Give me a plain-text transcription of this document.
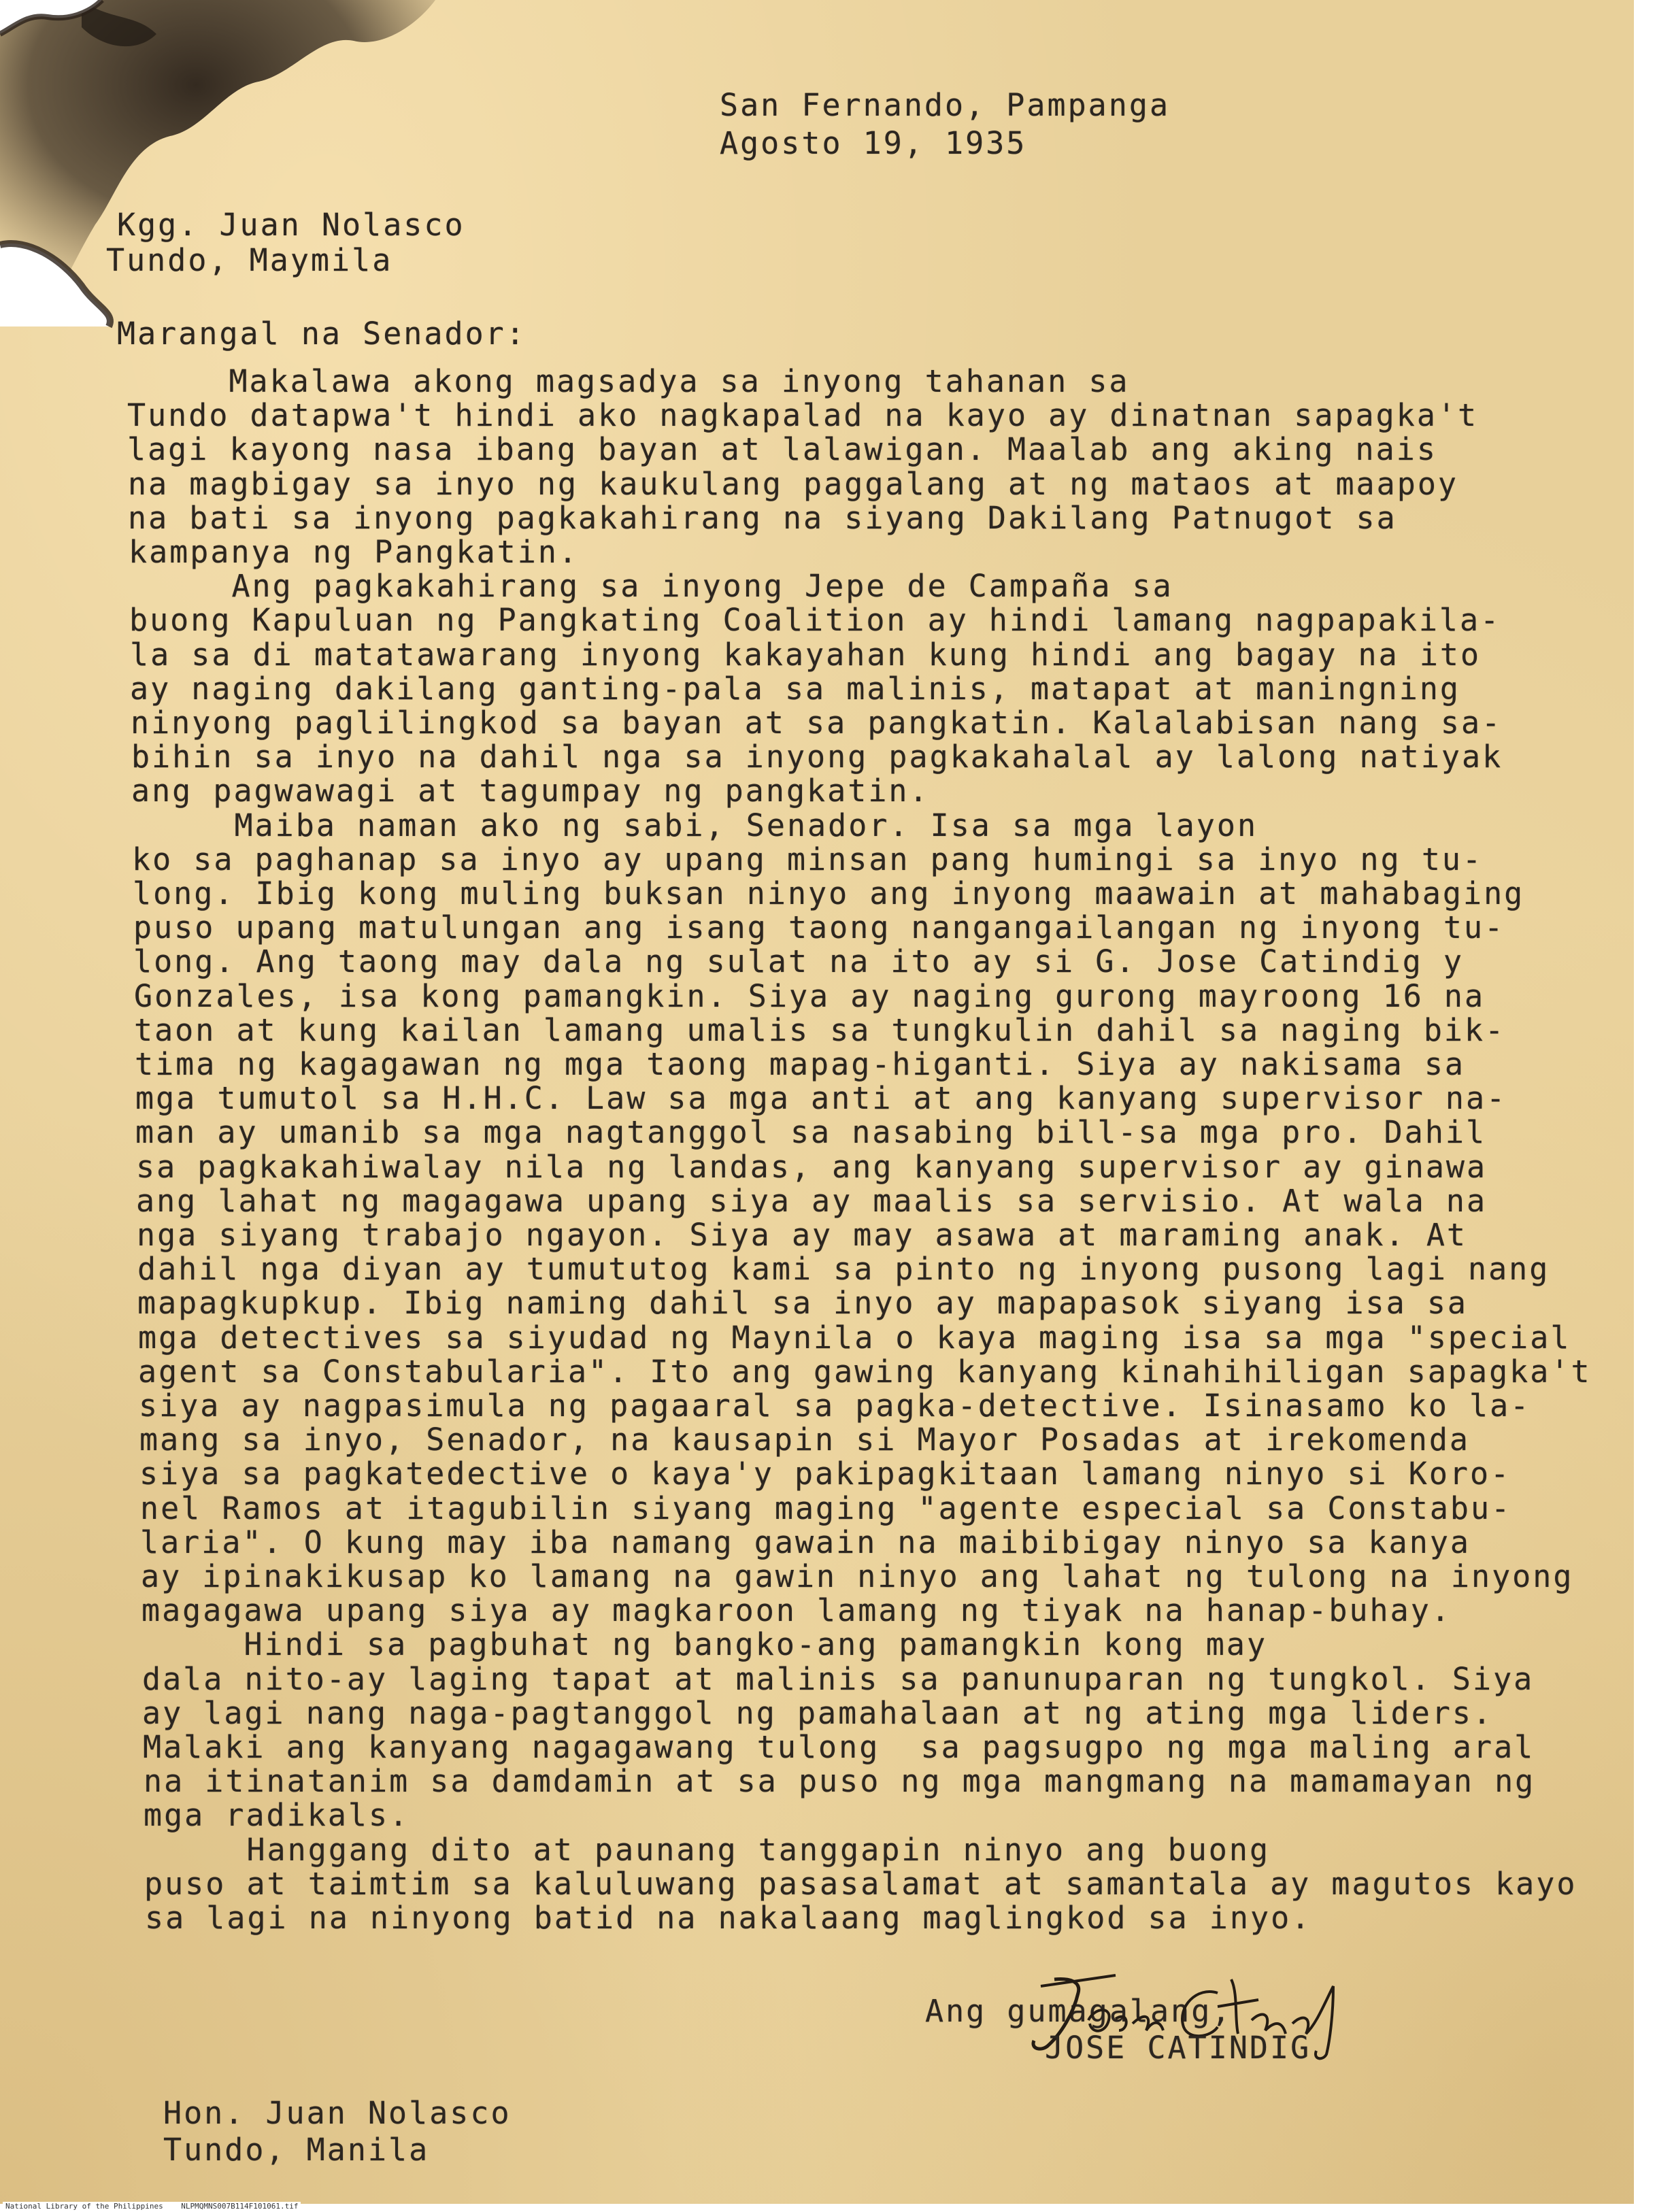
San Fernando, Pampanga
Agosto 19, 1935
Kgg. Juan Nolasco
Tundo, Maymila
Marangal na Senador:
Makalawa akong magsadya sa inyong tahanan sa
Tundo datapwa't hindi ako nagkapalad na kayo ay dinatnan sapagka't
lagi kayong nasa ibang bayan at lalawigan. Maalab ang aking nais
na magbigay sa inyo ng kaukulang paggalang at ng mataos at maapoy
na bati sa inyong pagkakahirang na siyang Dakilang Patnugot sa
kampanya ng Pangkatin.
Ang pagkakahirang sa inyong Jepe de Campaña sa
buong Kapuluan ng Pangkating Coalition ay hindi lamang nagpapakila-
la sa di matatawarang inyong kakayahan kung hindi ang bagay na ito
ay naging dakilang ganting-pala sa malinis, matapat at maningning
ninyong paglilingkod sa bayan at sa pangkatin. Kalalabisan nang sa-
bihin sa inyo na dahil nga sa inyong pagkakahalal ay lalong natiyak
ang pagwawagi at tagumpay ng pangkatin.
Maiba naman ako ng sabi, Senador. Isa sa mga layon
ko sa paghanap sa inyo ay upang minsan pang humingi sa inyo ng tu-
long. Ibig kong muling buksan ninyo ang inyong maawain at mahabaging
puso upang matulungan ang isang taong nangangailangan ng inyong tu-
long. Ang taong may dala ng sulat na ito ay si G. Jose Catindig y
Gonzales, isa kong pamangkin. Siya ay naging gurong mayroong 16 na
taon at kung kailan lamang umalis sa tungkulin dahil sa naging bik-
tima ng kagagawan ng mga taong mapag-higanti. Siya ay nakisama sa
mga tumutol sa H.H.C. Law sa mga anti at ang kanyang supervisor na-
man ay umanib sa mga nagtanggol sa nasabing bill-sa mga pro. Dahil
sa pagkakahiwalay nila ng landas, ang kanyang supervisor ay ginawa
ang lahat ng magagawa upang siya ay maalis sa servisio. At wala na
nga siyang trabajo ngayon. Siya ay may asawa at maraming anak. At
dahil nga diyan ay tumututog kami sa pinto ng inyong pusong lagi nang
mapagkupkup. Ibig naming dahil sa inyo ay mapapasok siyang isa sa
mga detectives sa siyudad ng Maynila o kaya maging isa sa mga "special
agent sa Constabularia". Ito ang gawing kanyang kinahihiligan sapagka't
siya ay nagpasimula ng pagaaral sa pagka-detective. Isinasamo ko la-
mang sa inyo, Senador, na kausapin si Mayor Posadas at irekomenda
siya sa pagkatedective o kaya'y pakipagkitaan lamang ninyo si Koro-
nel Ramos at itagubilin siyang maging "agente especial sa Constabu-
laria". O kung may iba namang gawain na maibibigay ninyo sa kanya
ay ipinakikusap ko lamang na gawin ninyo ang lahat ng tulong na inyong
magagawa upang siya ay magkaroon lamang ng tiyak na hanap-buhay.
Hindi sa pagbuhat ng bangko-ang pamangkin kong may
dala nito-ay laging tapat at malinis sa panunuparan ng tungkol. Siya
ay lagi nang naga-pagtanggol ng pamahalaan at ng ating mga liders.
Malaki ang kanyang nagagawang tulong  sa pagsugpo ng mga maling aral
na itinatanim sa damdamin at sa puso ng mga mangmang na mamamayan ng
mga radikals.
Hanggang dito at paunang tanggapin ninyo ang buong
puso at taimtim sa kaluluwang pasasalamat at samantala ay magutos kayo
sa lagi na ninyong batid na nakalaang maglingkod sa inyo.
Ang gumagalang,
JOSE CATINDIG
Hon. Juan Nolasco
Tundo, Manila
National Library of the Philippines    NLPMQMNS007B114F101061.tif
